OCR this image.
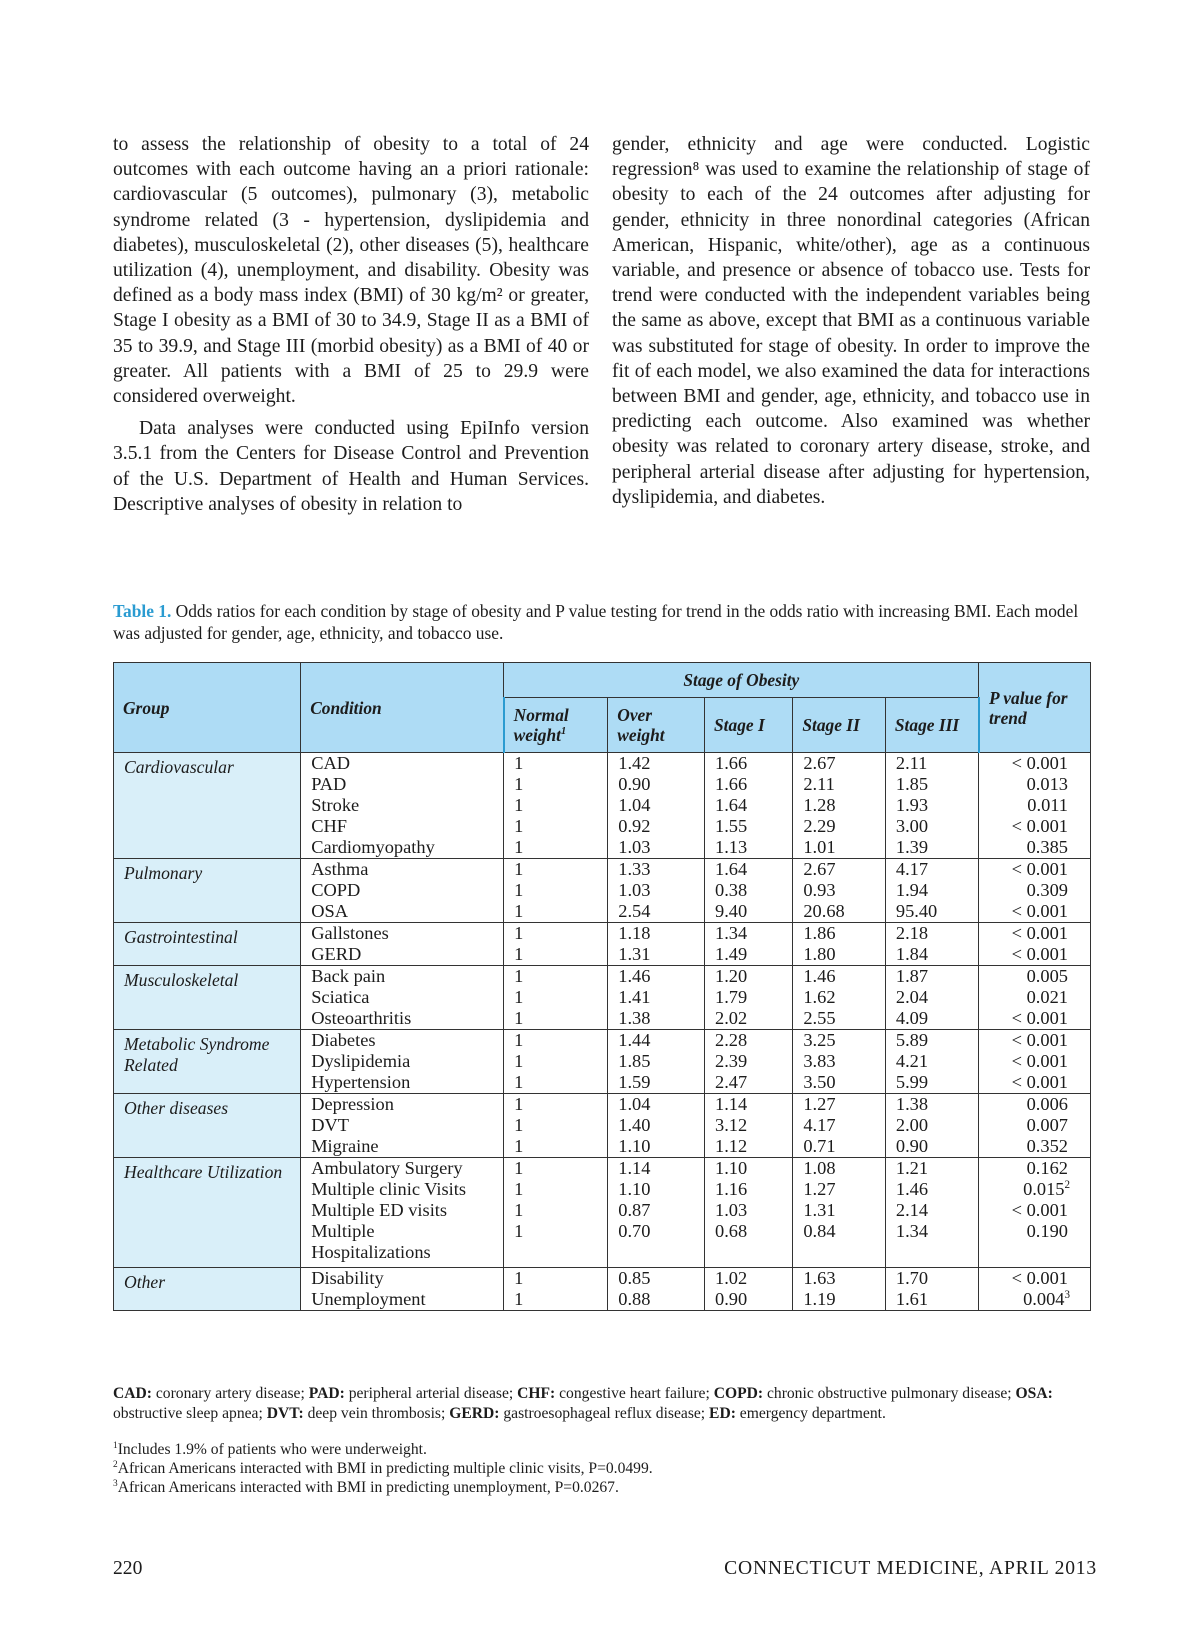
to assess the relationship of obesity to a total of 24 outcomes with each outcome having an a priori rationale: cardiovascular (5 outcomes), pulmonary (3), metabolic syndrome related (3 - hypertension, dyslipidemia and diabetes), musculoskeletal (2), other diseases (5), healthcare utilization (4), unemployment, and disability. Obesity was defined as a body mass index (BMI) of 30 kg/m² or greater, Stage I obesity as a BMI of 30 to 34.9, Stage II as a BMI of 35 to 39.9, and Stage III (morbid obesity) as a BMI of 40 or greater. All patients with a BMI of 25 to 29.9 were considered overweight.

Data analyses were conducted using EpiInfo version 3.5.1 from the Centers for Disease Control and Prevention of the U.S. Department of Health and Human Services. Descriptive analyses of obesity in relation to

gender, ethnicity and age were conducted. Logistic regression⁸ was used to examine the relationship of stage of obesity to each of the 24 outcomes after adjusting for gender, ethnicity in three nonordinal categories (African American, Hispanic, white/other), age as a continuous variable, and presence or absence of tobacco use. Tests for trend were conducted with the independent variables being the same as above, except that BMI as a continuous variable was substituted for stage of obesity. In order to improve the fit of each model, we also examined the data for interactions between BMI and gender, age, ethnicity, and tobacco use in predicting each outcome. Also examined was whether obesity was related to coronary artery disease, stroke, and peripheral arterial disease after adjusting for hypertension, dyslipidemia, and diabetes.

Table 1. Odds ratios for each condition by stage of obesity and P value testing for trend in the odds ratio with increasing BMI. Each model was adjusted for gender, age, ethnicity, and tobacco use.
Group	Condition	Stage of Obesity					P value for trend
		Normal weight$^1$	Over weight	Stage I	Stage II	Stage III	
Cardiovascular	CAD	1	1.42	1.66	2.67	2.11	< 0.001
	PAD	1	0.90	1.66	2.11	1.85	0.013
	Stroke	1	1.04	1.64	1.28	1.93	0.011
	CHF	1	0.92	1.55	2.29	3.00	< 0.001
	Cardiomyopathy	1	1.03	1.13	1.01	1.39	0.385
Pulmonary	Asthma	1	1.33	1.64	2.67	4.17	< 0.001
	COPD	1	1.03	0.38	0.93	1.94	0.309
	OSA	1	2.54	9.40	20.68	95.40	< 0.001
Gastrointestinal	Gallstones	1	1.18	1.34	1.86	2.18	< 0.001
	GERD	1	1.31	1.49	1.80	1.84	< 0.001
Musculoskeletal	Back pain	1	1.46	1.20	1.46	1.87	0.005
	Sciatica	1	1.41	1.79	1.62	2.04	0.021
	Osteoarthritis	1	1.38	2.02	2.55	4.09	< 0.001
Metabolic Syndrome Related	Diabetes	1	1.44	2.28	3.25	5.89	< 0.001
	Dyslipidemia	1	1.85	2.39	3.83	4.21	< 0.001
	Hypertension	1	1.59	2.47	3.50	5.99	< 0.001
Other diseases	Depression	1	1.04	1.14	1.27	1.38	0.006
	DVT	1	1.40	3.12	4.17	2.00	0.007
	Migraine	1	1.10	1.12	0.71	0.90	0.352
Healthcare Utilization	Ambulatory Surgery	1	1.14	1.10	1.08	1.21	0.162
	Multiple clinic Visits	1	1.10	1.16	1.27	1.46	0.015$^2$
	Multiple ED visits	1	0.87	1.03	1.31	2.14	< 0.001
	Multiple Hospitalizations	1	0.70	0.68	0.84	1.34	0.190
Other	Disability	1	0.85	1.02	1.63	1.70	< 0.001
	Unemployment	1	0.88	0.90	1.19	1.61	0.004$^3$
CAD: coronary artery disease; PAD: peripheral arterial disease; CHF: congestive heart failure; COPD: chronic obstructive pulmonary disease; OSA: obstructive sleep apnea; DVT: deep vein thrombosis; GERD: gastroesophageal reflux disease; ED: emergency department.
$^1$Includes 1.9% of patients who were underweight.
$^2$African Americans interacted with BMI in predicting multiple clinic visits, P=0.0499.
$^3$African Americans interacted with BMI in predicting unemployment, P=0.0267.
220	CONNECTICUT MEDICINE, APRIL 2013
